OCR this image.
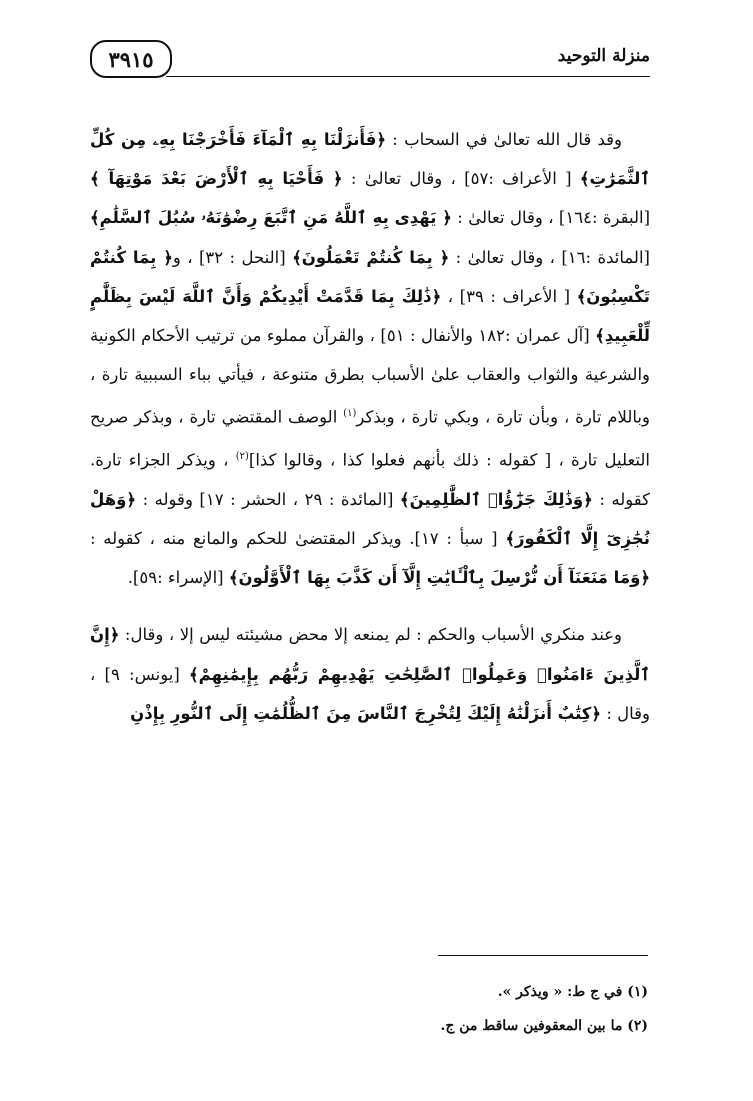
منزلة التوحيد
٣٩١٥

وقد قال الله تعالىٰ في السحاب : ﴿فَأَنزَلْنَا بِهِ ٱلْمَآءَ فَأَخْرَجْنَا بِهِۦ مِن كُلِّ ٱلثَّمَرَٰتِ﴾ [ الأعراف :٥٧] ، وقال تعالىٰ : ﴿ فَأَحْيَا بِهِ ٱلْأَرْضَ بَعْدَ مَوْتِهَآ ﴾ [البقرة :١٦٤] ، وقال تعالىٰ : ﴿ يَهْدِى بِهِ ٱللَّهُ مَنِ ٱتَّبَعَ رِضْوَٰنَهُۥ سُبُلَ ٱلسَّلَٰمِ﴾ [المائدة :١٦] ، وقال تعالىٰ : ﴿ بِمَا كُنتُمْ تَعْمَلُونَ﴾ [النحل : ٣٢] ، و﴿ بِمَا كُنتُمْ تَكْسِبُونَ﴾ [ الأعراف : ٣٩] ، ﴿ذَٰلِكَ بِمَا قَدَّمَتْ أَيْدِيكُمْ وَأَنَّ ٱللَّهَ لَيْسَ بِظَلَّٰمٍ لِّلْعَبِيدِ﴾ [آل عمران :١٨٢ والأنفال : ٥١] ، والقرآن مملوء من ترتيب الأحكام الكونية والشرعية والثواب والعقاب علىٰ الأسباب بطرق متنوعة ، فيأتي بباء السببية تارة ، وباللام تارة ، وبأن تارة ، وبكي تارة ، وبذكر$^{(١)}$ الوصف المقتضي تارة ، وبذكر صريح التعليل تارة ، [ كقوله : ذلك بأنهم فعلوا كذا ، وقالوا كذا]$^{(٢)}$ ، ويذكر الجزاء تارة. كقوله : ﴿وَذَٰلِكَ جَزَٰٓؤُا۟ ٱلظَّٰلِمِينَ﴾ [المائدة : ٢٩ ، الحشر : ١٧] وقوله : ﴿وَهَلْ نُجَٰزِىٓ إِلَّا ٱلْكَفُورَ﴾ [ سبأ : ١٧]. ويذكر المقتضىٰ للحكم والمانع منه ، كقوله : ﴿وَمَا مَنَعَنَآ أَن نُّرْسِلَ بِٱلْـَٔايَٰتِ إِلَّآ أَن كَذَّبَ بِهَا ٱلْأَوَّلُونَ﴾ [الإسراء :٥٩].

وعند منكري الأسباب والحكم : لم يمنعه إلا محض مشيئته ليس إلا ، وقال: ﴿إِنَّ ٱلَّذِينَ ءَامَنُوا۟ وَعَمِلُوا۟ ٱلصَّٰلِحَٰتِ يَهْدِيهِمْ رَبُّهُم بِإِيمَٰنِهِمْ﴾ [يونس: ٩] ، وقال : ﴿كِتَٰبٌ أَنزَلْنَٰهُ إِلَيْكَ لِتُخْرِجَ ٱلنَّاسَ مِنَ ٱلظُّلُمَٰتِ إِلَى ٱلنُّورِ بِإِذْنِ

(١) في ج ط: « ويذكر ».

(٢) ما بين المعقوفين ساقط من ج.
